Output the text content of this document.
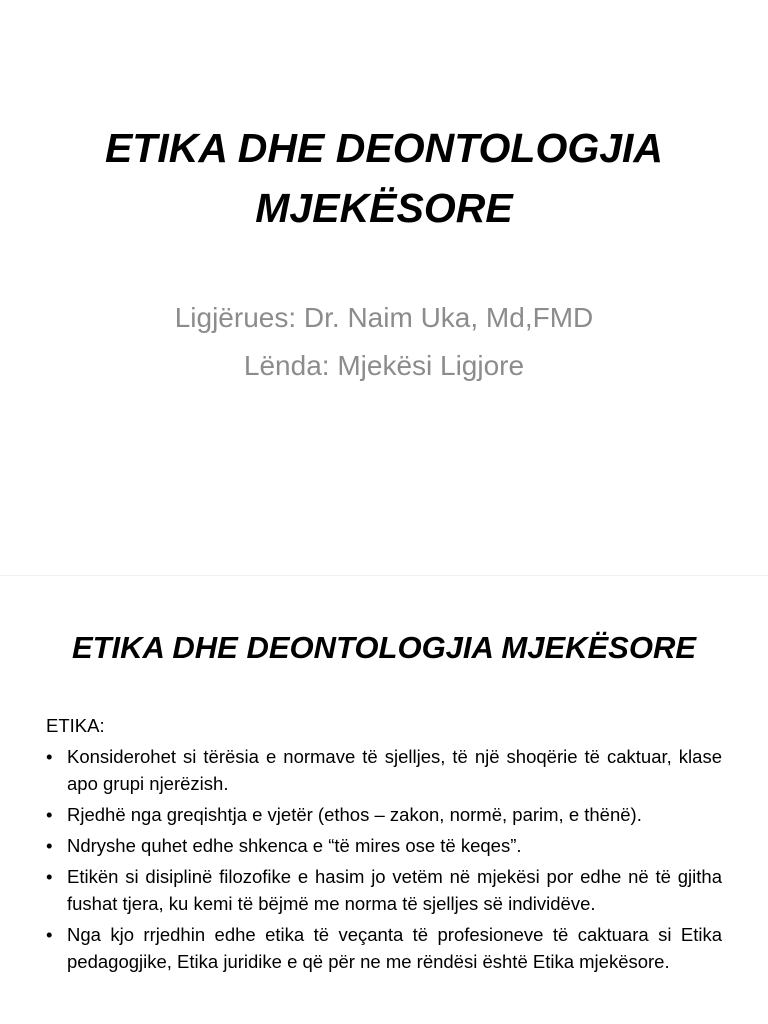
ETIKA DHE DEONTOLOGJIA
MJEKËSORE
Ligjërues: Dr. Naim Uka, Md,FMD
Lënda: Mjekësi Ligjore
ETIKA DHE DEONTOLOGJIA MJEKËSORE
ETIKA:
• Konsiderohet si tërësia e normave të sjelljes, të një shoqërie të caktuar, klase apo grupi njerëzish.
• Rjedhë nga greqishtja e vjetër (ethos – zakon, normë, parim, e thënë).
• Ndryshe quhet edhe shkenca e “të mires ose të keqes”.
• Etikën si disiplinë filozofike e hasim jo vetëm në mjekësi por edhe në të gjitha fushat tjera, ku kemi të bëjmë me norma të sjelljes së individëve.
• Nga kjo rrjedhin edhe etika të veçanta të profesioneve të caktuara si Etika pedagogjike, Etika juridike e që për ne me rëndësi është Etika mjekësore.
